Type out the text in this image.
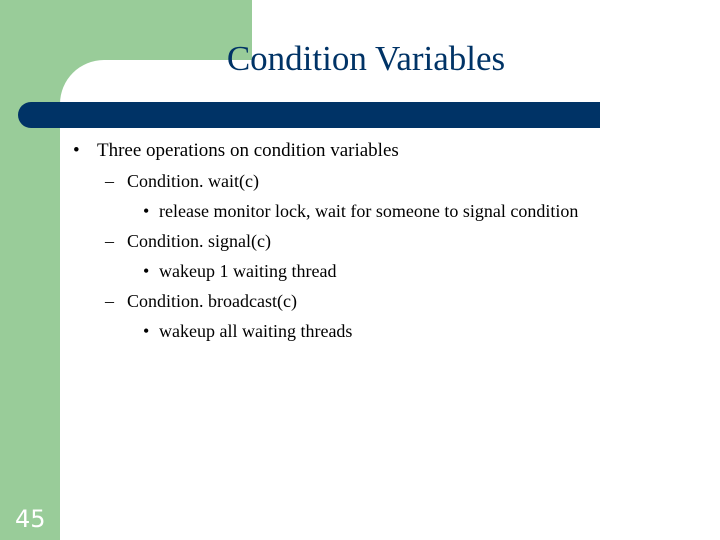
Condition Variables
• Three operations on condition variables
– Condition. wait(c)
• release monitor lock, wait for someone to signal condition
– Condition. signal(c)
• wakeup 1 waiting thread
– Condition. broadcast(c)
• wakeup all waiting threads
45
